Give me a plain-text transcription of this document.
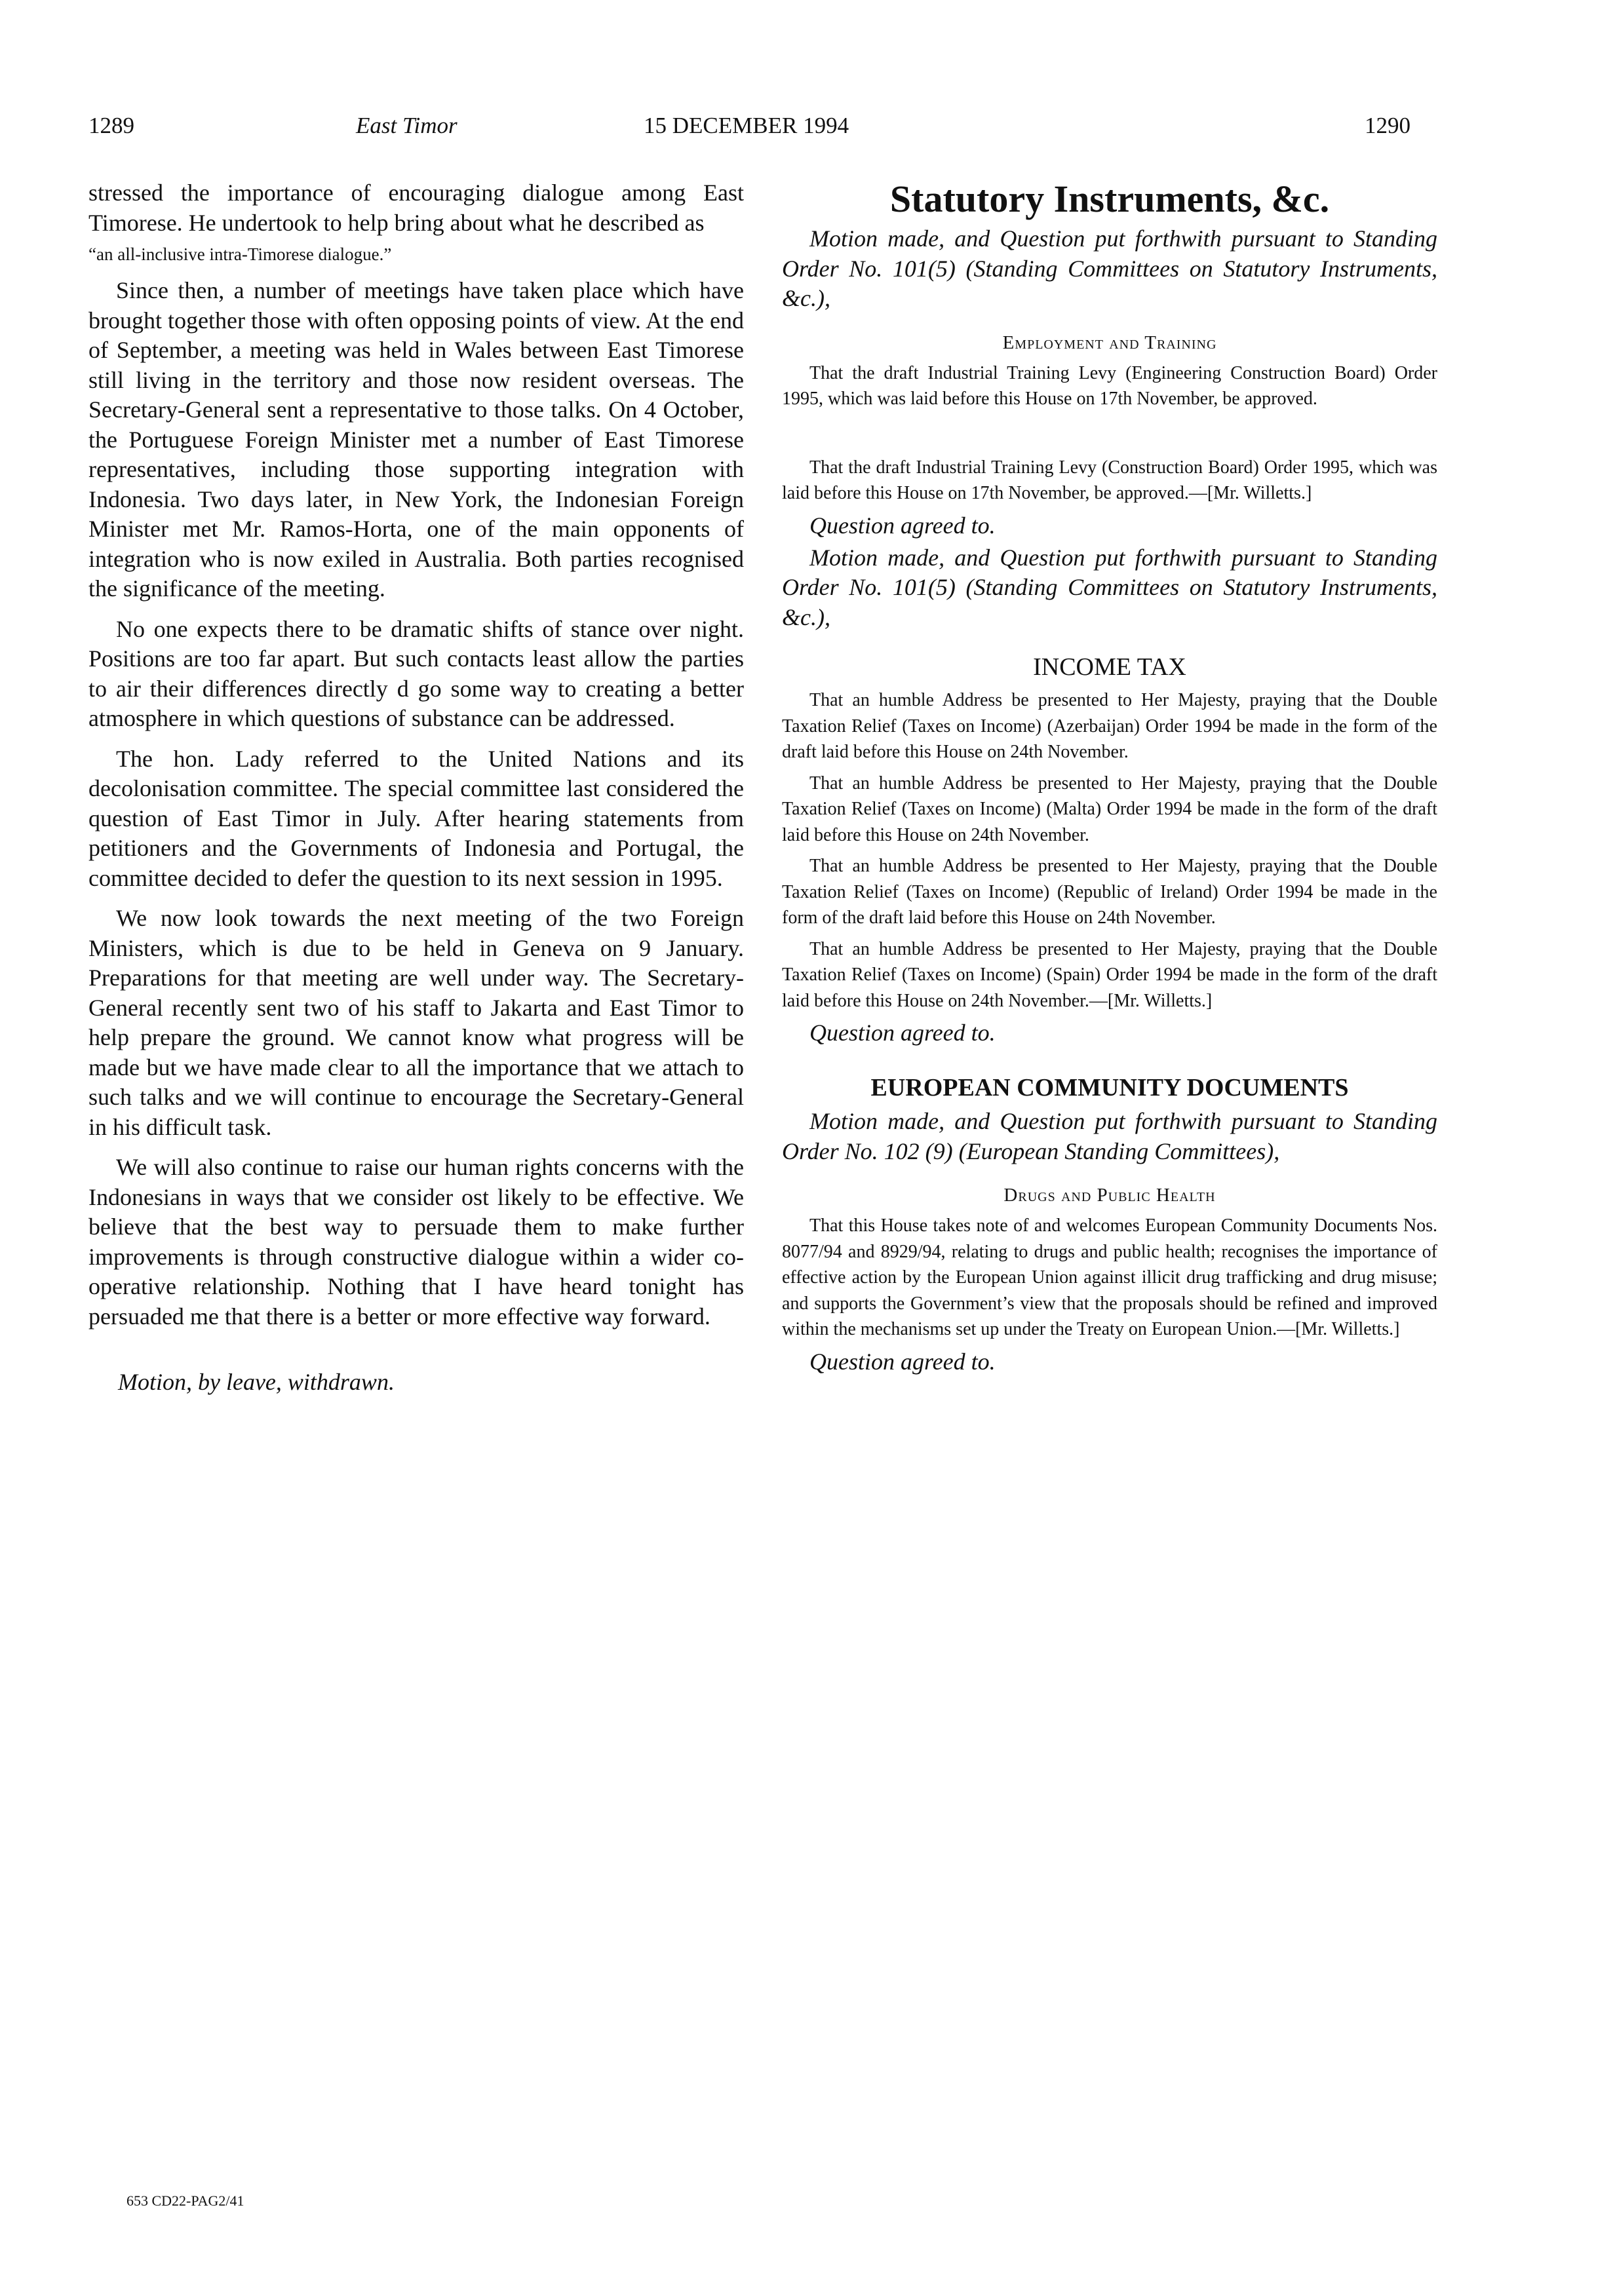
1289	East Timor	15 DECEMBER 1994	1290

stressed the importance of encouraging dialogue among East Timorese. He undertook to help bring about what he described as

“an all-inclusive intra-Timorese dialogue.”

Since then, a number of meetings have taken place which have brought together those with often opposing points of view. At the end of September, a meeting was held in Wales between East Timorese still living in the territory and those now resident overseas. The Secretary-General sent a representative to those talks. On 4 October, the Portuguese Foreign Minister met a number of East Timorese representatives, including those supporting integration with Indonesia. Two days later, in New York, the Indonesian Foreign Minister met Mr. Ramos-Horta, one of the main opponents of integration who is now exiled in Australia. Both parties recognised the significance of the meeting.

No one expects there to be dramatic shifts of stance over night. Positions are too far apart. But such contacts least allow the parties to air their differences directly d go some way to creating a better atmosphere in which questions of substance can be addressed.

The hon. Lady referred to the United Nations and its decolonisation committee. The special committee last considered the question of East Timor in July. After hearing statements from petitioners and the Governments of Indonesia and Portugal, the committee decided to defer the question to its next session in 1995.

We now look towards the next meeting of the two Foreign Ministers, which is due to be held in Geneva on 9 January. Preparations for that meeting are well under way. The Secretary-General recently sent two of his staff to Jakarta and East Timor to help prepare the ground. We cannot know what progress will be made but we have made clear to all the importance that we attach to such talks and we will continue to encourage the Secretary-General in his difficult task.

We will also continue to raise our human rights concerns with the Indonesians in ways that we consider ost likely to be effective. We believe that the best way to persuade them to make further improvements is through constructive dialogue within a wider co-operative relationship. Nothing that I have heard tonight has persuaded me that there is a better or more effective way forward.

Motion, by leave, withdrawn.

Statutory Instruments, &c.

Motion made, and Question put forthwith pursuant to Standing Order No. 101(5) (Standing Committees on Statutory Instruments, &c.),

Employment and Training

That the draft Industrial Training Levy (Engineering Construction Board) Order 1995, which was laid before this House on 17th November, be approved.

That the draft Industrial Training Levy (Construction Board) Order 1995, which was laid before this House on 17th November, be approved.—[Mr. Willetts.]

Question agreed to.

Motion made, and Question put forthwith pursuant to Standing Order No. 101(5) (Standing Committees on Statutory Instruments, &c.),

INCOME TAX

That an humble Address be presented to Her Majesty, praying that the Double Taxation Relief (Taxes on Income) (Azerbaijan) Order 1994 be made in the form of the draft laid before this House on 24th November.

That an humble Address be presented to Her Majesty, praying that the Double Taxation Relief (Taxes on Income) (Malta) Order 1994 be made in the form of the draft laid before this House on 24th November.

That an humble Address be presented to Her Majesty, praying that the Double Taxation Relief (Taxes on Income) (Republic of Ireland) Order 1994 be made in the form of the draft laid before this House on 24th November.

That an humble Address be presented to Her Majesty, praying that the Double Taxation Relief (Taxes on Income) (Spain) Order 1994 be made in the form of the draft laid before this House on 24th November.—[Mr. Willetts.]

Question agreed to.

EUROPEAN COMMUNITY DOCUMENTS

Motion made, and Question put forthwith pursuant to Standing Order No. 102 (9) (European Standing Committees),

Drugs and Public Health

That this House takes note of and welcomes European Community Documents Nos. 8077/94 and 8929/94, relating to drugs and public health; recognises the importance of effective action by the European Union against illicit drug trafficking and drug misuse; and supports the Government’s view that the proposals should be refined and improved within the mechanisms set up under the Treaty on European Union.—[Mr. Willetts.]

Question agreed to.

653 CD22-PAG2/41
